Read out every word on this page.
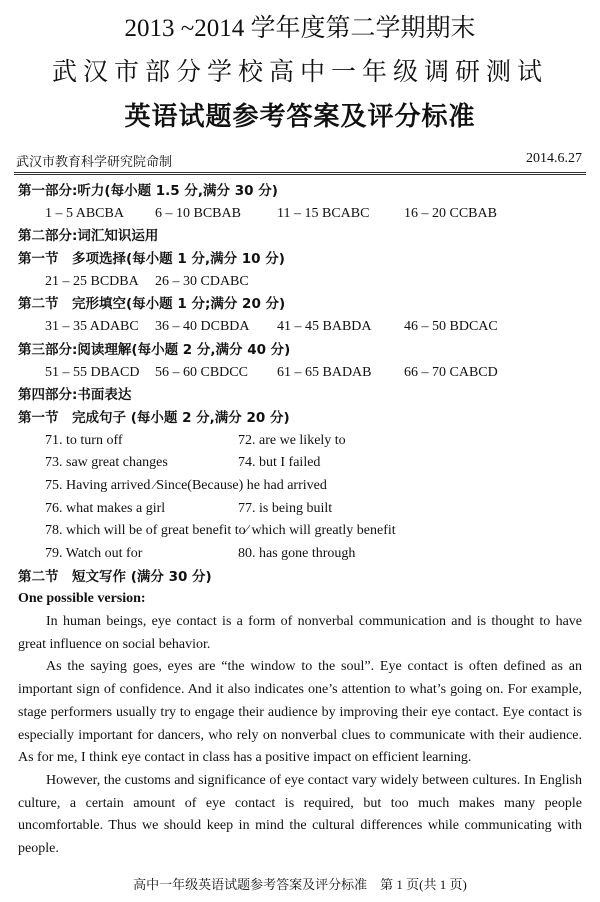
2013 ~2014 学年度第二学期期末
武汉市部分学校高中一年级调研测试
英语试题参考答案及评分标准
武汉市教育科学研究院命制	2014.6.27
第一部分:听力(每小题 1.5 分,满分 30 分)
1 – 5 ABCBA 6 – 10 BCBAB	11 – 15 BCABC 16 – 20 CCBAB
第二部分:词汇知识运用
第一节　多项选择(每小题 1 分,满分 10 分)
21 – 25 BCDBA 26 – 30 CDABC
第二节　完形填空(每小题 1 分;满分 20 分)
31 – 35 ADABC 36 – 40 DCBDA 41 – 45 BABDA 46 – 50 BDCAC
第三部分:阅读理解(每小题 2 分,满分 40 分)
51 – 55 DBACD 56 – 60 CBDCC 61 – 65 BADAB 66 – 70 CABCD
第四部分:书面表达
第一节　完成句子 (每小题 2 分,满分 20 分)
71. to turn off	72. are we likely to
73. saw great changes	74. but I failed
75. Having arrived ⁄Since(Because) he had arrived
76. what makes a girl	77. is being built
78. which will be of great benefit to⁄ which will greatly benefit
79. Watch out for	80. has gone through
第二节　短文写作 (满分 30 分)
One possible version:

In human beings, eye contact is a form of nonverbal communication and is thought to have great influence on social behavior.

As the saying goes, eyes are “the window to the soul”. Eye contact is often defined as an important sign of confidence. And it also indicates one’s attention to what’s going on. For example, stage performers usually try to engage their audience by improving their eye contact. Eye contact is especially important for dancers, who rely on nonverbal clues to communicate with their audience. As for me, I think eye contact in class has a positive impact on efficient learning.

However, the customs and significance of eye contact vary widely between cultures. In English culture, a certain amount of eye contact is required, but too much makes many people uncomfortable. Thus we should keep in mind the cultural differences while communicating with people.

高中一年级英语试题参考答案及评分标准　第 1 页(共 1 页)
